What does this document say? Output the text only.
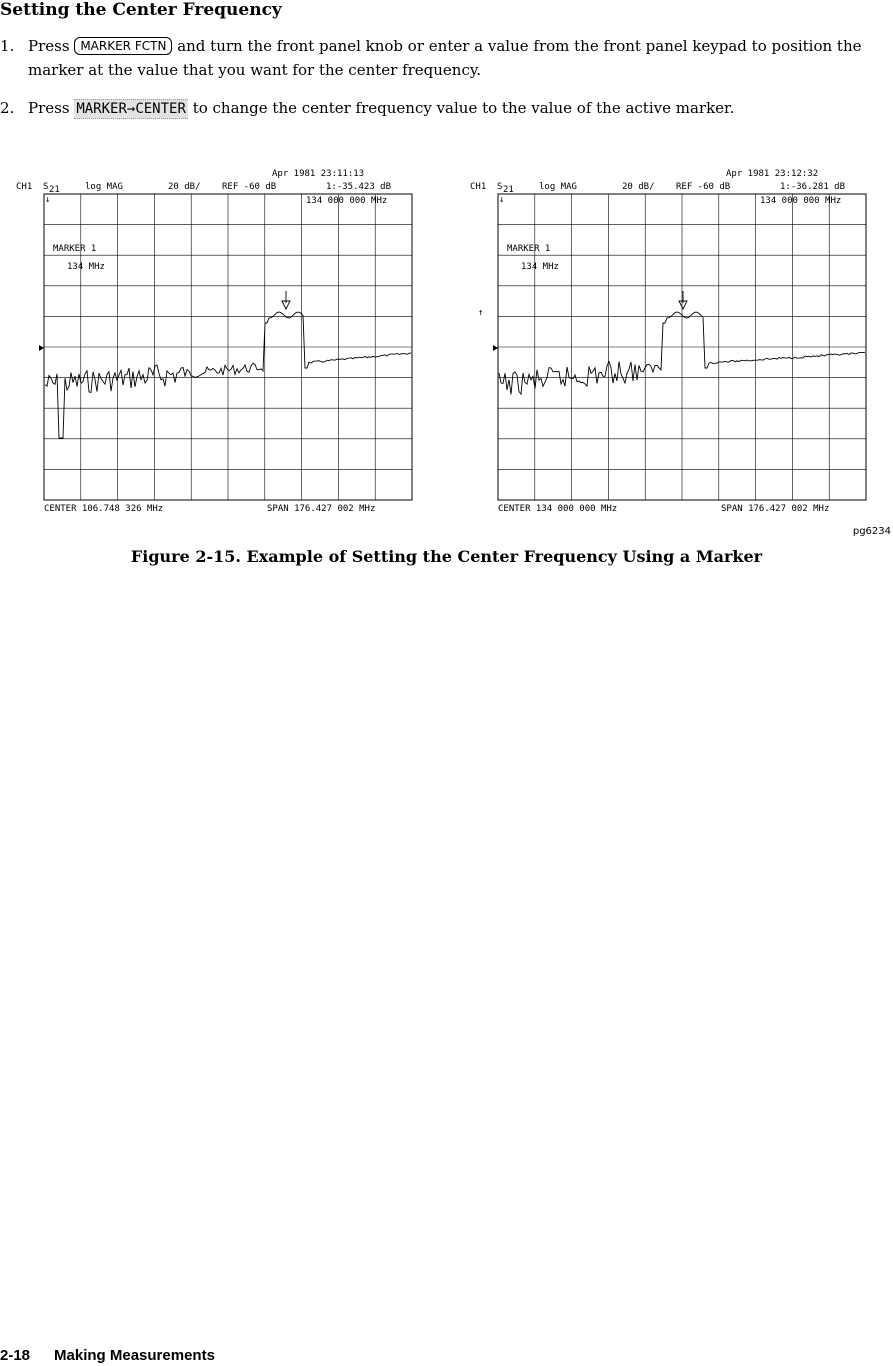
Setting the Center Frequency
1. Press MARKER FCTN and turn the front panel knob or enter a value from the front panel keypad to position the marker at the value that you want for the center frequency.
2. Press MARKER→CENTER to change the center frequency value to the value of the active marker.
Apr 1981 23:11:13
CH1 S 21	log MAG	20 dB/ REF -60 dB	1:-35.423 dB
134 000 000 MHz
MARKER 1
134 MHz
↓
CENTER 106.748 326 MHz	SPAN 176.427 002 MHz
Apr 1981 23:12:32
CH1 S 21	log MAG	20 dB/ REF -60 dB	1:-36.281 dB
134 000 000 MHz
MARKER 1
134 MHz
↓
↑
CENTER 134 000 000 MHz	SPAN 176.427 002 MHz
pg6234
Figure 2-15. Example of Setting the Center Frequency Using a Marker
2-18 Making Measurements
